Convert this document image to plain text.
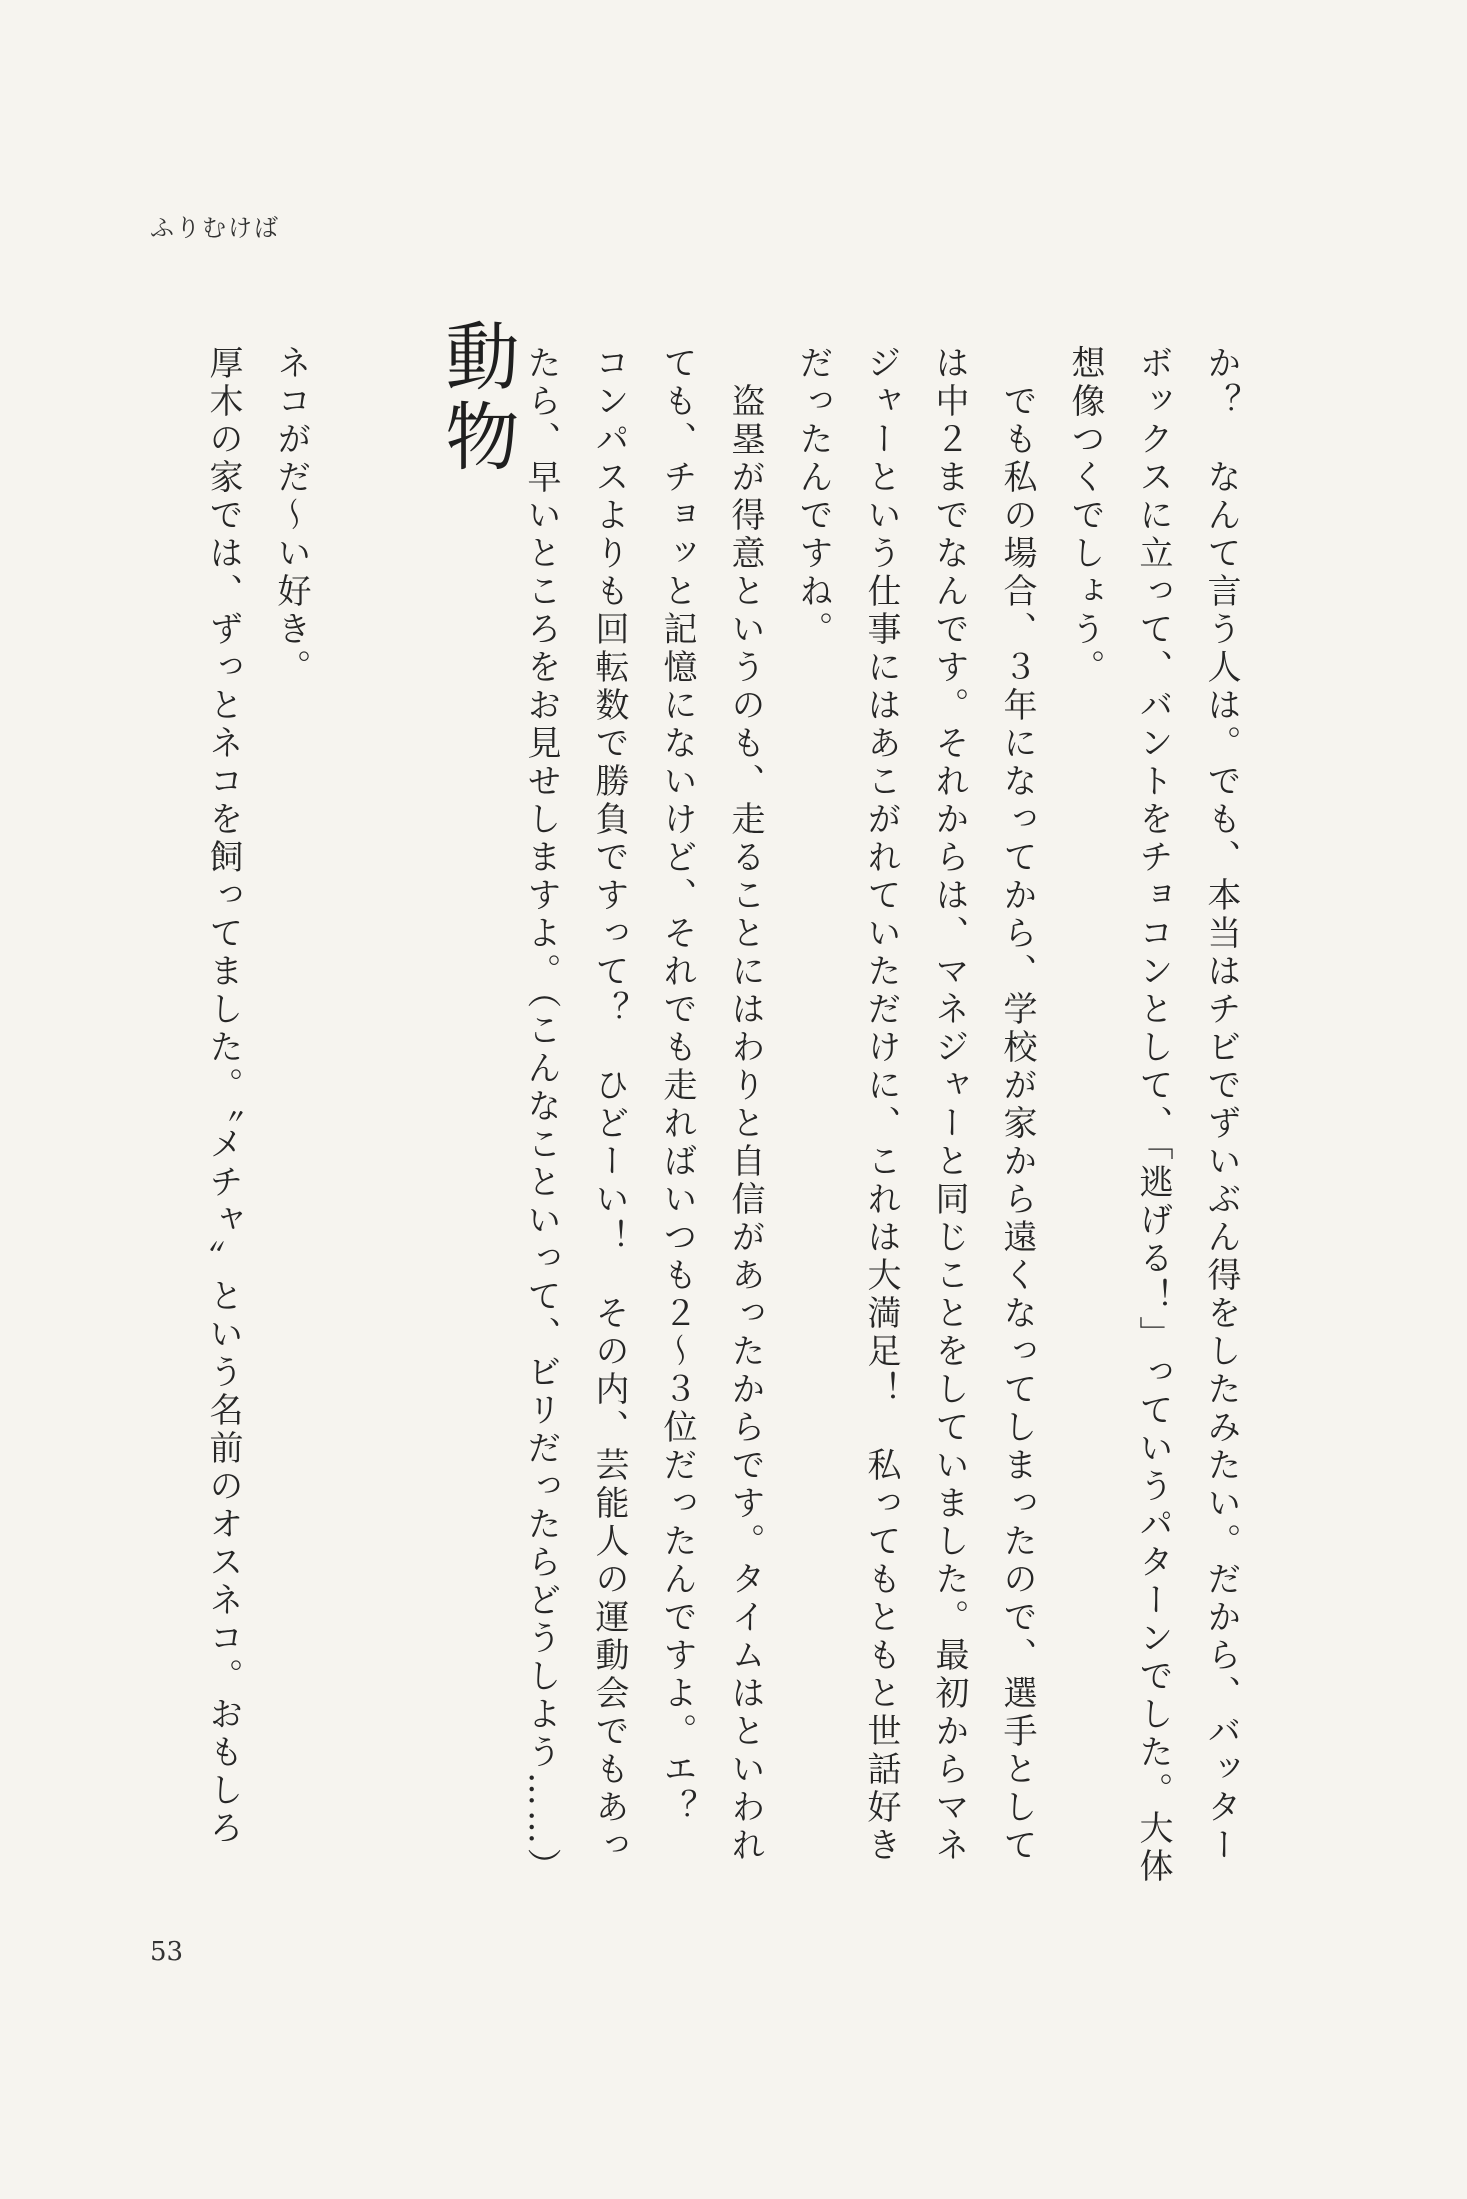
ふりむけば
か？　なんて言う人は。でも、本当はチビでずいぶん得をしたみたい。だから、バッター
ボックスに立って、バントをチョコンとして、「逃げる！」っていうパターンでした。大体
想像つくでしょう。
　でも私の場合、３年になってから、学校が家から遠くなってしまったので、選手として
は中２までなんです。それからは、マネジャーと同じことをしていました。最初からマネ
ジャーという仕事にはあこがれていただけに、これは大満足！　私ってもともと世話好き
だったんですね。
　盗塁が得意というのも、走ることにはわりと自信があったからです。タイムはといわれ
ても、チョッと記憶にないけど、それでも走ればいつも２〜３位だったんですよ。エ？
コンパスよりも回転数で勝負ですって？　ひどーい！　その内、芸能人の運動会でもあっ
たら、早いところをお見せしますよ。（こんなこといって、ビリだったらどうしよう……）
動物
ネコがだ〜い好き。
厚木の家では、ずっとネコを飼ってました。〝メチャ〟という名前のオスネコ。おもしろ
53
